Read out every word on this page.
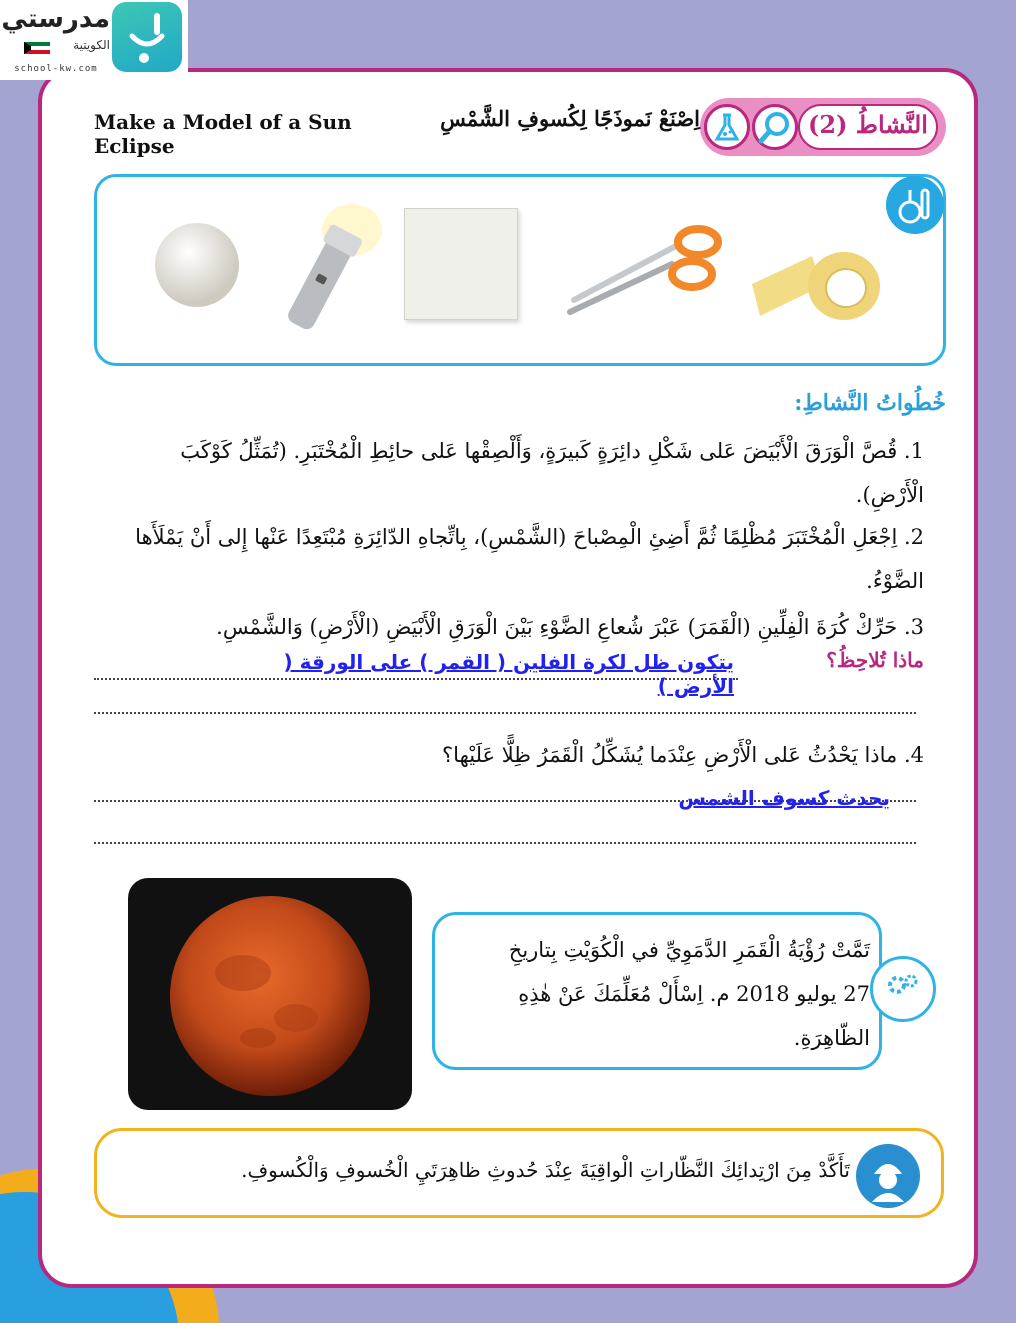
27
مدرستي
الكويتية
school-kw.com
النَّشاطُ (2)
اِصْنَعْ نَموذَجًا لِكُسوفِ الشَّمْسِ
Make a Model of a Sun Eclipse
خُطُواتُ النَّشاطِ:
1. قُصَّ الْوَرَقَ الْأَبْيَضَ عَلى شَكْلِ دائِرَةٍ كَبيرَةٍ، وَأَلْصِقْها عَلى حائِطِ الْمُخْتَبَرِ. (تُمَثِّلُ كَوْكَبَ
الْأَرْضِ).
2. اِجْعَلِ الْمُخْتَبَرَ مُظْلِمًا ثُمَّ أَضِئِ الْمِصْباحَ (الشَّمْسِ)، بِاتِّجاهِ الدّائِرَةِ مُبْتَعِدًا عَنْها إِلى أَنْ يَمْلَأَها
الضَّوْءُ.
3. حَرِّكْ كُرَةَ الْفِلِّينِ (الْقَمَرَ) عَبْرَ شُعاعِ الضَّوْءِ بَيْنَ الْوَرَقِ الْأَبْيَضِ (الْأَرْضِ) وَالشَّمْسِ.
ماذا تُلاحِظُ؟
يتكون ظل لكرة الفلين ( القمر ) على الورقة ( الأرض )
4. ماذا يَحْدُثُ عَلى الْأَرْضِ عِنْدَما يُشَكِّلُ الْقَمَرُ ظِلًّا عَلَيْها؟
يحدث كسوف الشمس
تَمَّتْ رُؤْيَةُ الْقَمَرِ الدَّمَوِيِّ في الْكُوَيْتِ بِتاريخِ
27 يوليو 2018 م. اِسْأَلْ مُعَلِّمَكَ عَنْ هٰذِهِ
الظّاهِرَةِ.
تَأَكَّدْ مِنَ ارْتِدائِكَ النَّظّاراتِ الْواقِيَةَ عِنْدَ حُدوثِ ظاهِرَتَيِ الْخُسوفِ وَالْكُسوفِ.
